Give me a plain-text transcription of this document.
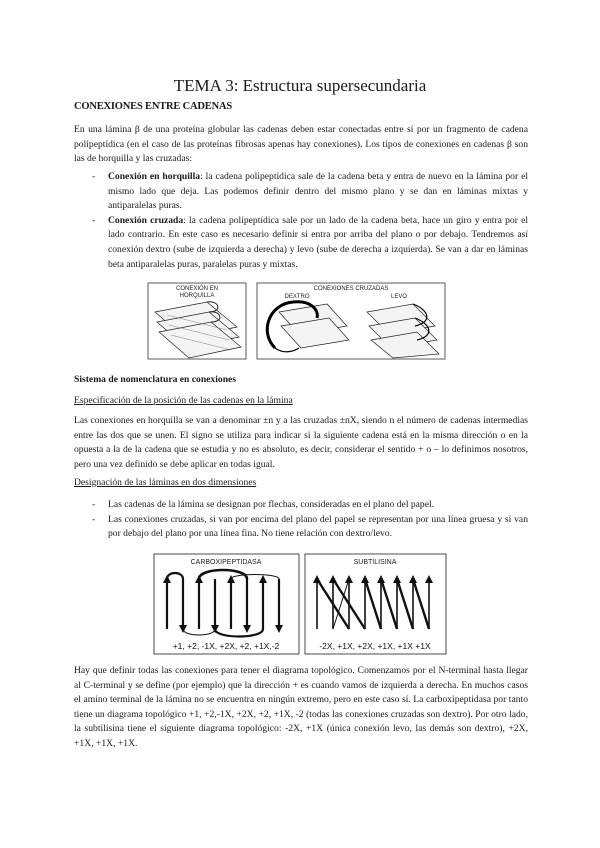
TEMA 3: Estructura supersecundaria
CONEXIONES ENTRE CADENAS
En una lámina β de una proteína globular las cadenas deben estar conectadas entre sí por un fragmento de cadena polipeptídica (en el caso de las proteínas fibrosas apenas hay conexiones). Los tipos de conexiones en cadenas β son las de horquilla y las cruzadas:
- Conexión en horquilla: la cadena polipeptídica sale de la cadena beta y entra de nuevo en la lámina por el mismo lado que deja. Las podemos definir dentro del mismo plano y se dan en láminas mixtas y antiparalelas puras.
- Conexión cruzada: la cadena polipeptídica sale por un lado de la cadena beta, hace un giro y entra por el lado contrario. En este caso es necesario definir si entra por arriba del plano o por debajo. Tendremos así conexión dextro (sube de izquierda a derecha) y levo (sube de derecha a izquierda). Se van a dar en láminas beta antiparalelas puras, paralelas puras y mixtas.
CONEXIÓN EN
HORQUILLA
CONEXIONES CRUZADAS
DEXTRO	LEVO
Sistema de nomenclatura en conexiones
Especificación de la posición de las cadenas en la lámina
Las conexiones en horquilla se van a denominar ±n y a las cruzadas ±nX, siendo n el número de cadenas intermedias entre las dos que se unen. El signo se utiliza para indicar si la siguiente cadena está en la misma dirección o en la opuesta a la de la cadena que se estudia y no es absoluto, es decir, considerar el sentido + o – lo definimos nosotros, pero una vez definido se debe aplicar en todas igual.
Designación de las láminas en dos dimensiones
- Las cadenas de la lámina se designan por flechas, consideradas en el plano del papel.
- Las conexiones cruzadas, si van por encima del plano del papel se representan por una línea gruesa y si van por debajo del plano por una línea fina. No tiene relación con dextro/levo.
CARBOXIPEPTIDASA
+1, +2, -1X, +2X, +2, +1X,-2
SUBTILISINA
-2X, +1X, +2X, +1X, +1X +1X
Hay que definir todas las conexiones para tener el diagrama topológico. Comenzamos por el N-terminal hasta llegar al C-terminal y se define (por ejemplo) que la dirección + es cuando vamos de izquierda a derecha. En muchos casos el amino terminal de la lámina no se encuentra en ningún extremo, pero en este caso sí. La carboxipeptidasa por tanto tiene un diagrama topológico +1, +2,-1X, +2X, +2, +1X, -2 (todas las conexiones cruzadas son dextro). Por otro lado, la subtilisina tiene el siguiente diagrama topológico: -2X, +1X (única conexión levo, las demás son dextro), +2X, +1X, +1X, +1X.
